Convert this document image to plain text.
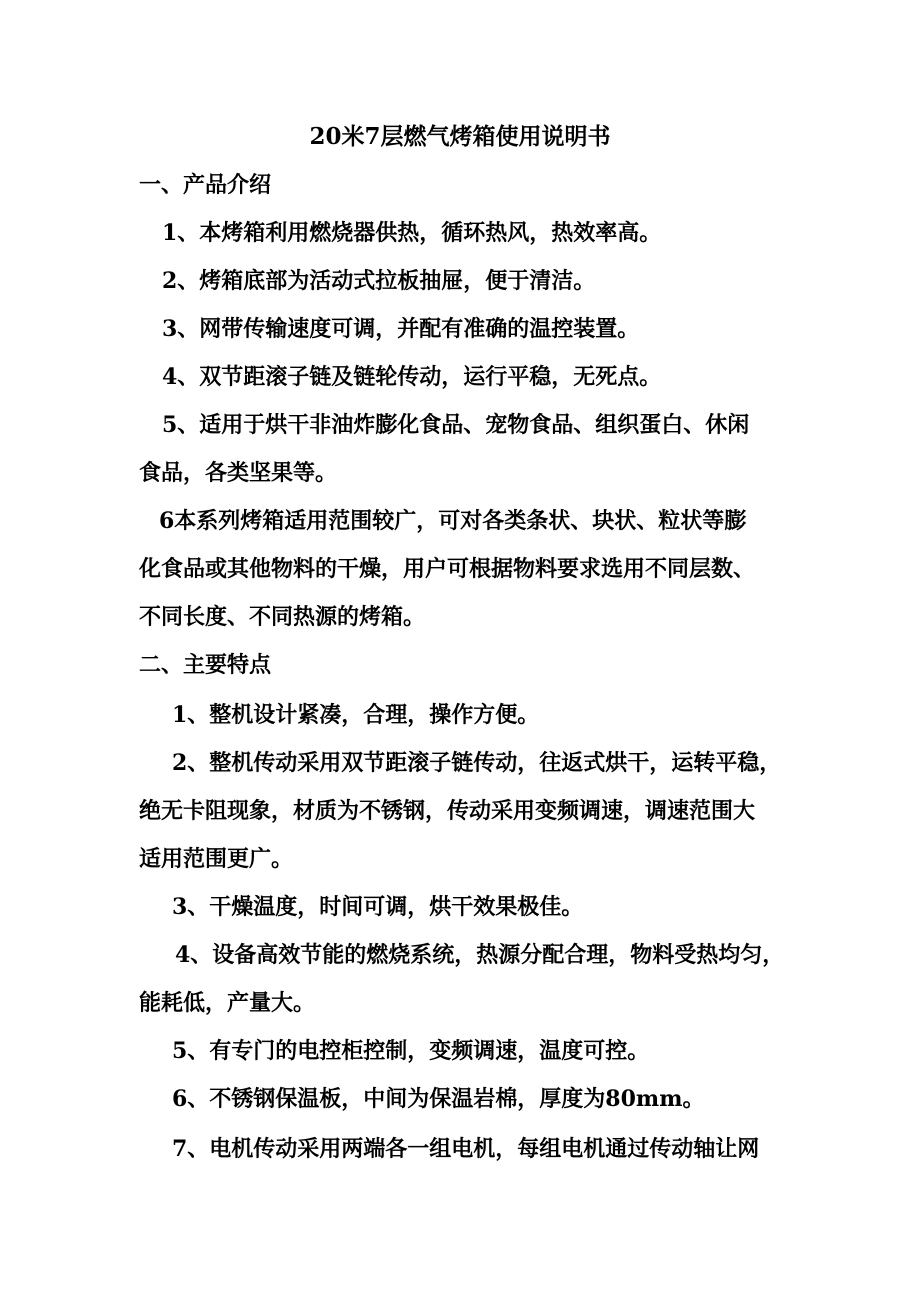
20米7层燃气烤箱使用说明书
一、产品介绍
1、本烤箱利用燃烧器供热，循环热风，热效率高。
2、烤箱底部为活动式拉板抽屉，便于清洁。
3、网带传输速度可调，并配有准确的温控装置。
4、双节距滚子链及链轮传动，运行平稳，无死点。
5、适用于烘干非油炸膨化食品、宠物食品、组织蛋白、休闲
食品，各类坚果等。
6本系列烤箱适用范围较广，可对各类条状、块状、粒状等膨
化食品或其他物料的干燥，用户可根据物料要求选用不同层数、
不同长度、不同热源的烤箱。
二、主要特点
1、整机设计紧凑，合理，操作方便。
2、整机传动采用双节距滚子链传动，往返式烘干，运转平稳，
绝无卡阻现象，材质为不锈钢，传动采用变频调速，调速范围大
适用范围更广。
3、干燥温度，时间可调，烘干效果极佳。
4、设备高效节能的燃烧系统，热源分配合理，物料受热均匀，
能耗低，产量大。
5、有专门的电控柜控制，变频调速，温度可控。
6、不锈钢保温板，中间为保温岩棉，厚度为80mm。
7、电机传动采用两端各一组电机，每组电机通过传动轴让网
